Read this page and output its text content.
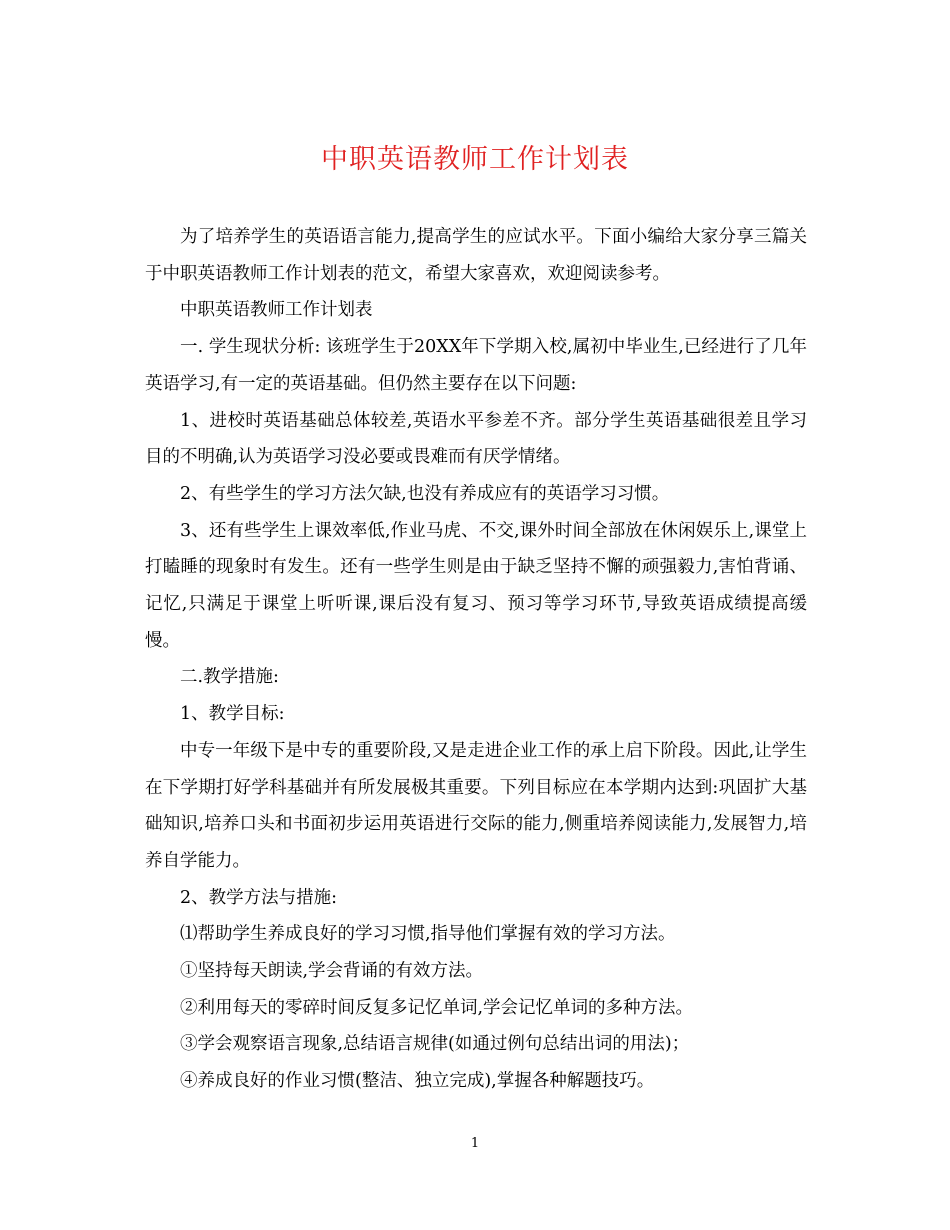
中职英语教师工作计划表

为了培养学生的英语语言能力,提高学生的应试水平。下面小编给大家分享三篇关于中职英语教师工作计划表的范文，希望大家喜欢，欢迎阅读参考。

中职英语教师工作计划表

一. 学生现状分析: 该班学生于20XX年下学期入校,属初中毕业生,已经进行了几年英语学习,有一定的英语基础。但仍然主要存在以下问题:

1、进校时英语基础总体较差,英语水平参差不齐。部分学生英语基础很差且学习目的不明确,认为英语学习没必要或畏难而有厌学情绪。

2、有些学生的学习方法欠缺,也没有养成应有的英语学习习惯。

3、还有些学生上课效率低,作业马虎、不交,课外时间全部放在休闲娱乐上,课堂上打瞌睡的现象时有发生。还有一些学生则是由于缺乏坚持不懈的顽强毅力,害怕背诵、记忆,只满足于课堂上听听课,课后没有复习、预习等学习环节,导致英语成绩提高缓慢。

二.教学措施:

1、教学目标:

中专一年级下是中专的重要阶段,又是走进企业工作的承上启下阶段。因此,让学生在下学期打好学科基础并有所发展极其重要。下列目标应在本学期内达到:巩固扩大基础知识,培养口头和书面初步运用英语进行交际的能力,侧重培养阅读能力,发展智力,培养自学能力。

2、教学方法与措施:

⑴帮助学生养成良好的学习习惯,指导他们掌握有效的学习方法。

①坚持每天朗读,学会背诵的有效方法。

②利用每天的零碎时间反复多记忆单词,学会记忆单词的多种方法。

③学会观察语言现象,总结语言规律(如通过例句总结出词的用法)；

④养成良好的作业习惯(整洁、独立完成),掌握各种解题技巧。

1
